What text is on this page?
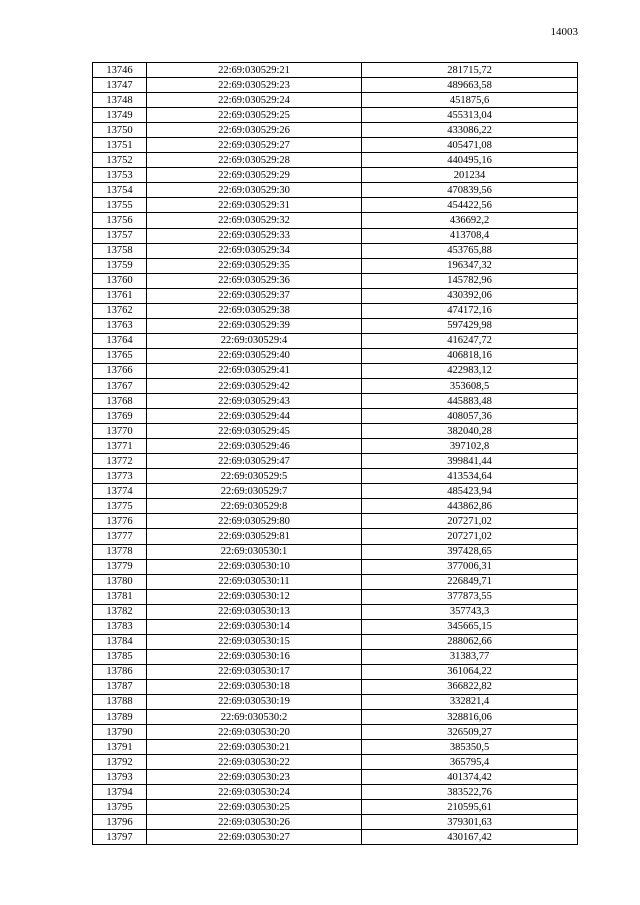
14003
13746	22:69:030529:21	281715,72
13747	22:69:030529:23	489663,58
13748	22:69:030529:24	451875,6
13749	22:69:030529:25	455313,04
13750	22:69:030529:26	433086,22
13751	22:69:030529:27	405471,08
13752	22:69:030529:28	440495,16
13753	22:69:030529:29	201234
13754	22:69:030529:30	470839,56
13755	22:69:030529:31	454422,56
13756	22:69:030529:32	436692,2
13757	22:69:030529:33	413708,4
13758	22:69:030529:34	453765,88
13759	22:69:030529:35	196347,32
13760	22:69:030529:36	145782,96
13761	22:69:030529:37	430392,06
13762	22:69:030529:38	474172,16
13763	22:69:030529:39	597429,98
13764	22:69:030529:4	416247,72
13765	22:69:030529:40	406818,16
13766	22:69:030529:41	422983,12
13767	22:69:030529:42	353608,5
13768	22:69:030529:43	445883,48
13769	22:69:030529:44	408057,36
13770	22:69:030529:45	382040,28
13771	22:69:030529:46	397102,8
13772	22:69:030529:47	399841,44
13773	22:69:030529:5	413534,64
13774	22:69:030529:7	485423,94
13775	22:69:030529:8	443862,86
13776	22:69:030529:80	207271,02
13777	22:69:030529:81	207271,02
13778	22:69:030530:1	397428,65
13779	22:69:030530:10	377006,31
13780	22:69:030530:11	226849,71
13781	22:69:030530:12	377873,55
13782	22:69:030530:13	357743,3
13783	22:69:030530:14	345665,15
13784	22:69:030530:15	288062,66
13785	22:69:030530:16	31383,77
13786	22:69:030530:17	361064,22
13787	22:69:030530:18	366822,82
13788	22:69:030530:19	332821,4
13789	22:69:030530:2	328816,06
13790	22:69:030530:20	326509,27
13791	22:69:030530:21	385350,5
13792	22:69:030530:22	365795,4
13793	22:69:030530:23	401374,42
13794	22:69:030530:24	383522,76
13795	22:69:030530:25	210595,61
13796	22:69:030530:26	379301,63
13797	22:69:030530:27	430167,42
